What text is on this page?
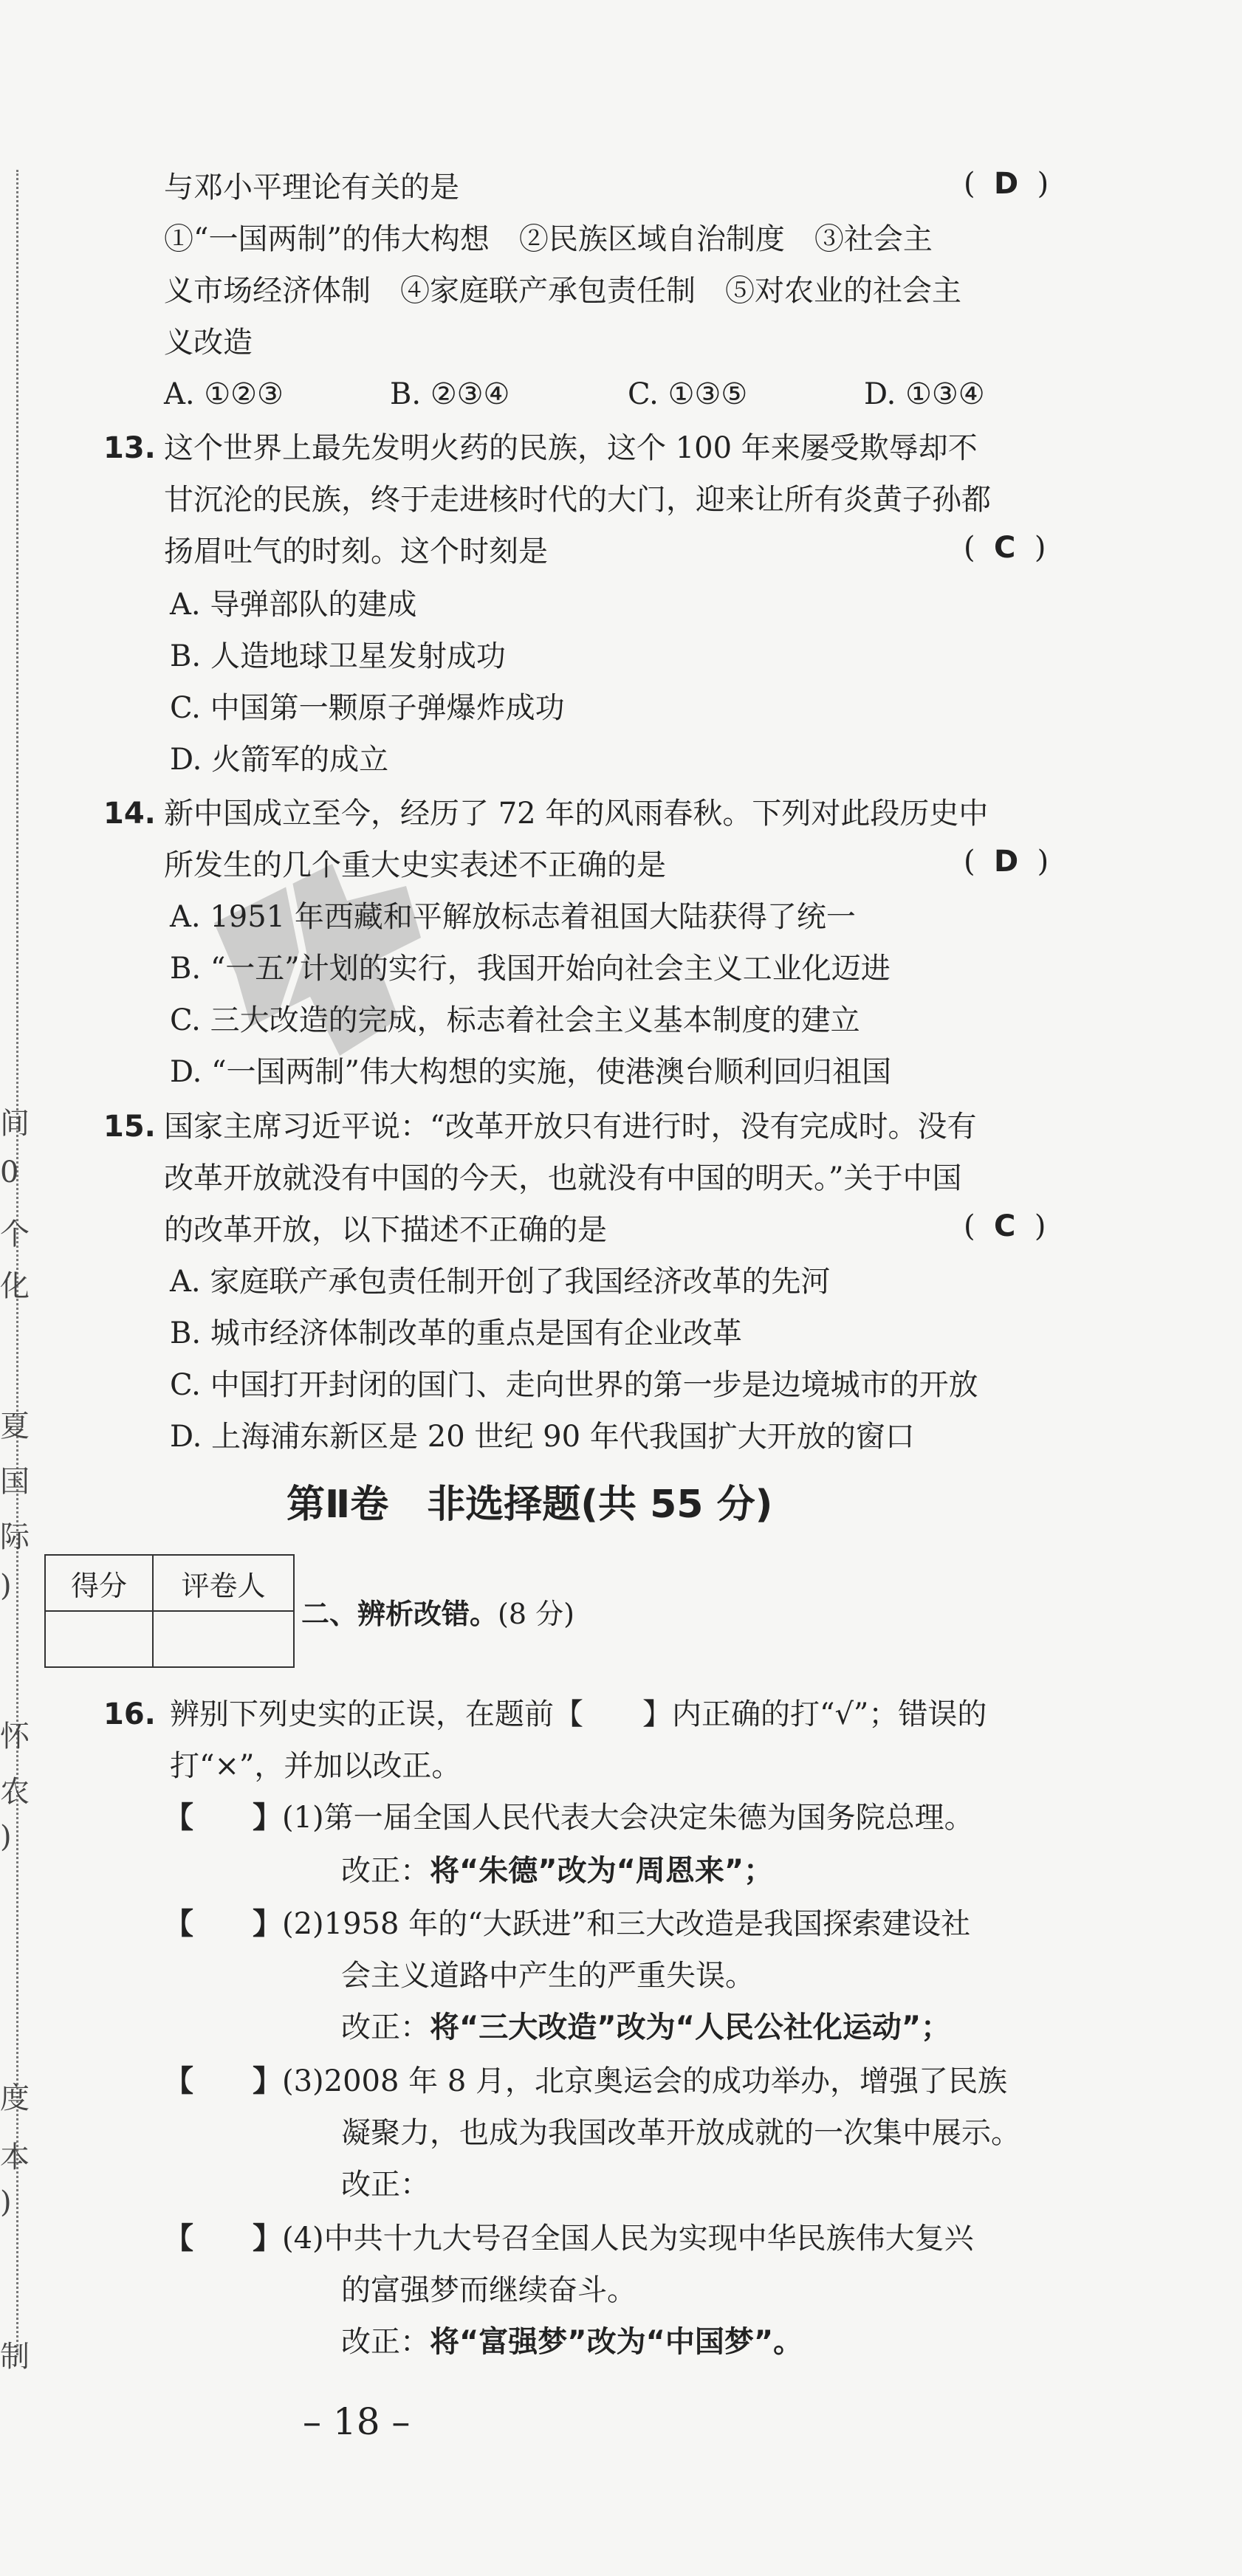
间
0
个
化
夏
国
际
)
怀
农
)
度
本
)
制
与邓小平理论有关的是	(  D  )
①“一国两制”的伟大构想　②民族区域自治制度　③社会主
义市场经济体制　④家庭联产承包责任制　⑤对农业的社会主
义改造
A. ①②③	B. ②③④	C. ①③⑤	D. ①③④
13. 这个世界上最先发明火药的民族，这个 100 年来屡受欺辱却不
甘沉沦的民族，终于走进核时代的大门，迎来让所有炎黄子孙都
扬眉吐气的时刻。这个时刻是	(  C  )
A. 导弹部队的建成
B. 人造地球卫星发射成功
C. 中国第一颗原子弹爆炸成功
D. 火箭军的成立
14. 新中国成立至今，经历了 72 年的风雨春秋。下列对此段历史中
所发生的几个重大史实表述不正确的是	(  D  )
A. 1951 年西藏和平解放标志着祖国大陆获得了统一
B. “一五”计划的实行，我国开始向社会主义工业化迈进
C. 三大改造的完成，标志着社会主义基本制度的建立
D. “一国两制”伟大构想的实施，使港澳台顺利回归祖国
15. 国家主席习近平说：“改革开放只有进行时，没有完成时。没有
改革开放就没有中国的今天，也就没有中国的明天。”关于中国
的改革开放，以下描述不正确的是	(  C  )
A. 家庭联产承包责任制开创了我国经济改革的先河
B. 城市经济体制改革的重点是国有企业改革
C. 中国打开封闭的国门、走向世界的第一步是边境城市的开放
D. 上海浦东新区是 20 世纪 90 年代我国扩大开放的窗口
第Ⅱ卷　非选择题(共 55 分)
得分	评卷人

二、辨析改错。(8 分)
16. 辨别下列史实的正误，在题前【　　】内正确的打“√”；错误的
打“×”，并加以改正。
【　　】 (1)第一届全国人民代表大会决定朱德为国务院总理。
改正：将“朱德”改为“周恩来”；
【　　】 (2)1958 年的“大跃进”和三大改造是我国探索建设社
会主义道路中产生的严重失误。
改正：将“三大改造”改为“人民公社化运动”；
【　　】 (3)2008 年 8 月，北京奥运会的成功举办，增强了民族
凝聚力，也成为我国改革开放成就的一次集中展示。
改正：
【　　】 (4)中共十九大号召全国人民为实现中华民族伟大复兴
的富强梦而继续奋斗。
改正：将“富强梦”改为“中国梦”。
– 18 –
